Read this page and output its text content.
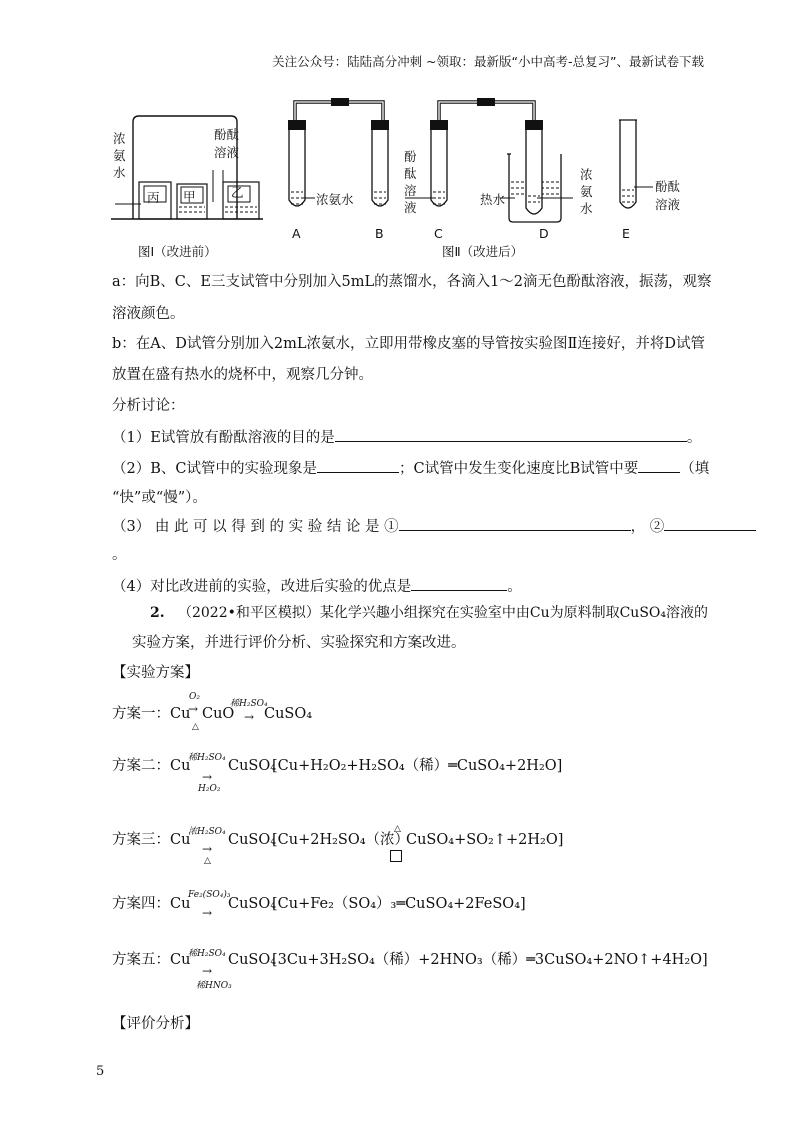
关注公众号：陆陆高分冲刺 ~领取：最新版“小中高考-总复习”、最新试卷下载
浓
氨
水
酚酞
溶液
丙 甲	乙	浓氨水
酚
酞
溶
液
热水
浓
氨
水
酚酞
溶液
A	B	C	D	E
图Ⅰ（改进前）	图Ⅱ（改进后）
a：向B、C、E三支试管中分别加入5mL的蒸馏水，各滴入1～2滴无色酚酞溶液，振荡，观察
溶液颜色。
b：在A、D试管分别加入2mL浓氨水，立即用带橡皮塞的导管按实验图Ⅱ连接好，并将D试管
放置在盛有热水的烧杯中，观察几分钟。
分析讨论：
（1）E试管放有酚酞溶液的目的是	。
（2）B、C试管中的实验现象是	；C试管中发生变化速度比B试管中要	（填
“快”或“慢”）。
（3） 由 此 可 以 得 到 的 实 验 结 论 是 ①	， ②
。
（4）对比改进前的实验，改进后实验的优点是	。
2. （2022•和平区模拟）某化学兴趣小组探究在实验室中由Cu为原料制取CuSO₄溶液的
实验方案，并进行评价分析、实验探究和方案改进。
【实验方案】
方案一： Cu
O₂
→
△
CuO
稀H₂SO₄
→ CuSO₄
方案二： Cu
稀H₂SO₄
→
H₂O₂
CuSO₄
[Cu+H₂O₂+H₂SO₄（稀）═CuSO₄+2H₂O]
方案三： Cu
浓H₂SO₄
→
△
CuSO₄
[Cu+2H₂SO₄（浓）
△
CuSO₄+SO₂↑+2H₂O]
方案四： Cu
Fe₂(SO₄)₃
→
CuSO₄
[Cu+Fe₂（SO₄）₃═CuSO₄+2FeSO₄]
方案五： Cu
稀H₂SO₄
→
稀HNO₃
CuSO₄
[3Cu+3H₂SO₄（稀）+2HNO₃（稀）═3CuSO₄+2NO↑+4H₂O]
【评价分析】
5
